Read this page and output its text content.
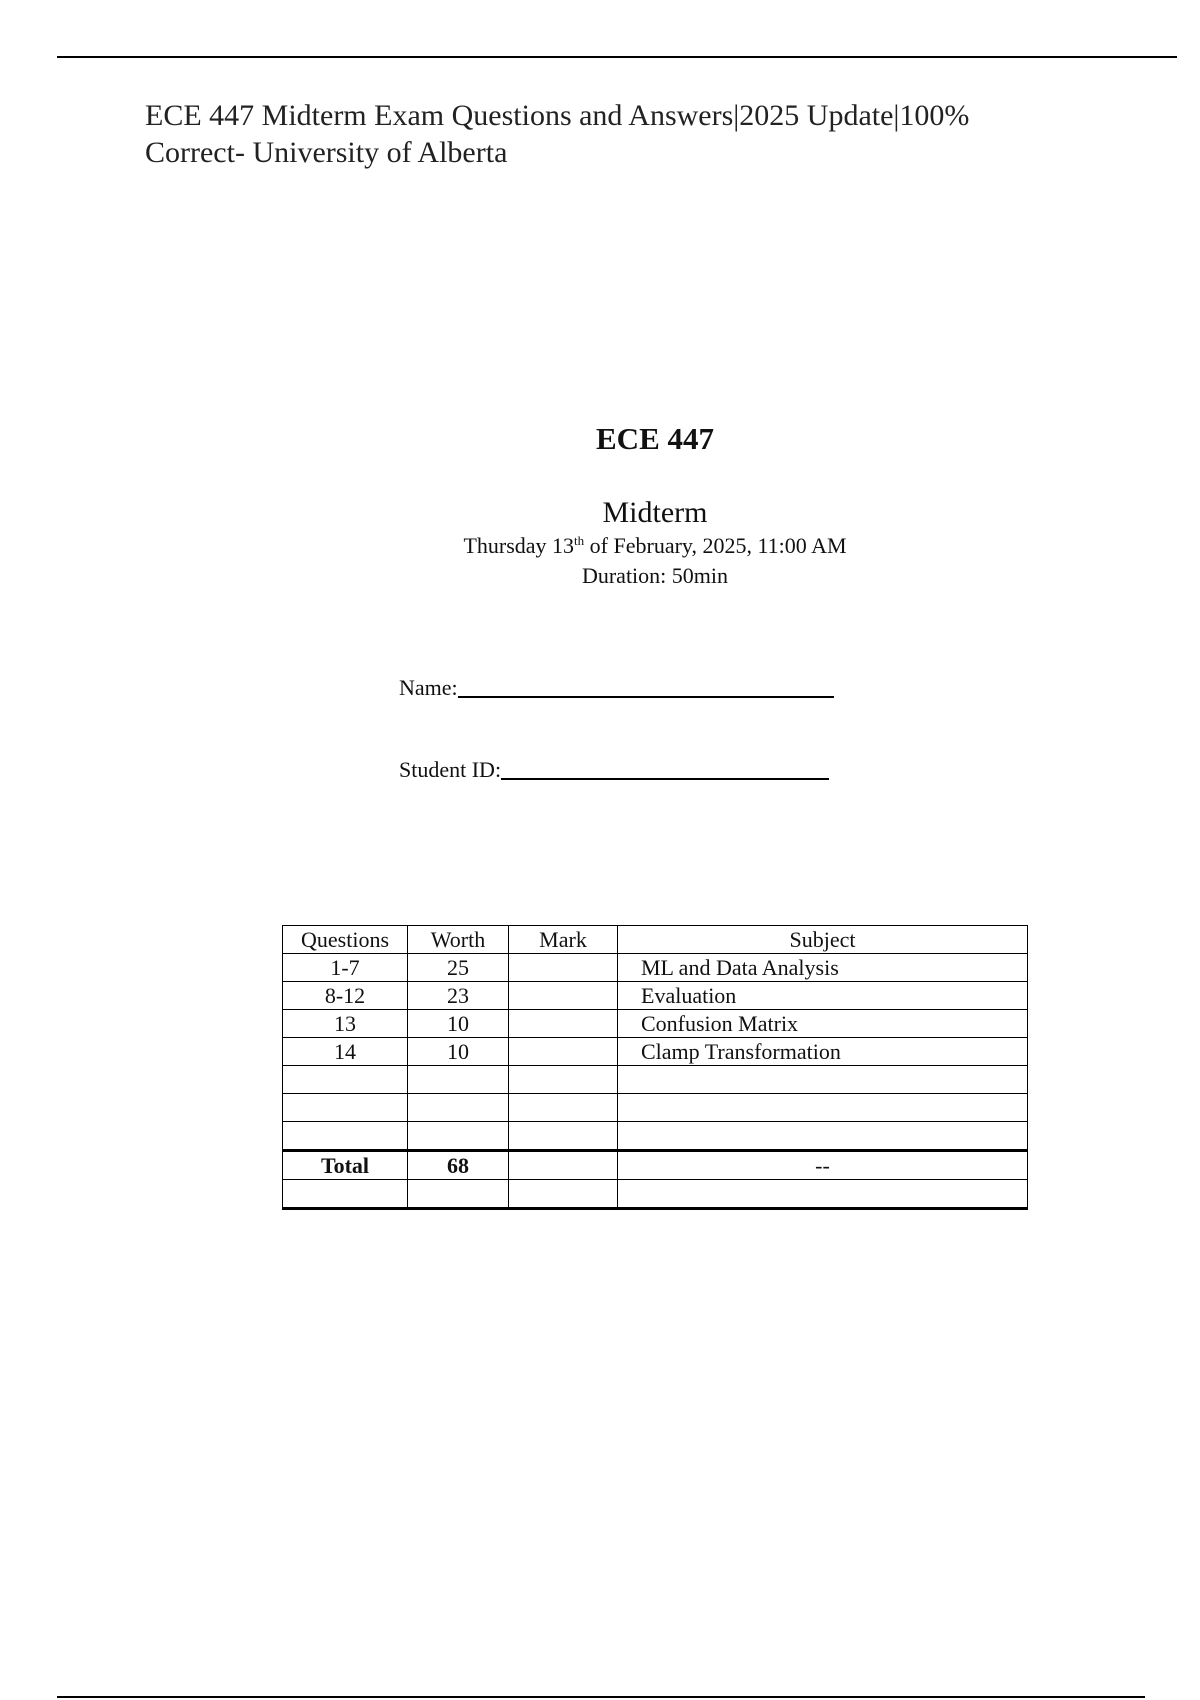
ECE 447 Midterm Exam Questions and Answers|2025 Update|100% Correct- University of Alberta
ECE 447
Midterm
Thursday 13th of February, 2025, 11:00 AM
Duration: 50min
Name:
Student ID:
Questions	Worth	Mark	Subject
1-7	25		ML and Data Analysis
8-12	23		Evaluation
13	10		Confusion Matrix
14	10		Clamp Transformation

Total	68		--
